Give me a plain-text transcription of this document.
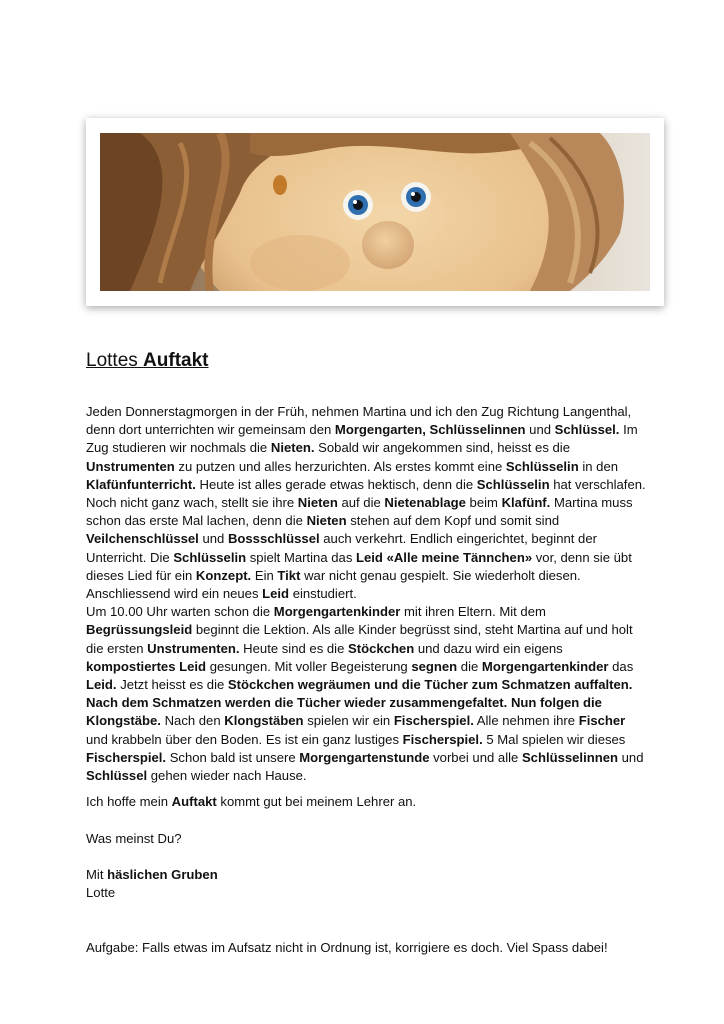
Lottes Auftakt

Jeden Donnerstagmorgen in der Früh, nehmen Martina und ich den Zug Richtung Langenthal, denn dort unterrichten wir gemeinsam den Morgengarten, Schlüsselinnen und Schlüssel. Im Zug studieren wir nochmals die Nieten. Sobald wir angekommen sind, heisst es die Unstrumenten zu putzen und alles herzurichten. Als erstes kommt eine Schlüsselin in den Klafünfunterricht. Heute ist alles gerade etwas hektisch, denn die Schlüsselin hat verschlafen. Noch nicht ganz wach, stellt sie ihre Nieten auf die Nietenablage beim Klafünf. Martina muss schon das erste Mal lachen, denn die Nieten stehen auf dem Kopf und somit sind Veilchenschlüssel und Bossschlüssel auch verkehrt. Endlich eingerichtet, beginnt der Unterricht. Die Schlüsselin spielt Martina das Leid «Alle meine Tännchen» vor, denn sie übt dieses Lied für ein Konzept. Ein Tikt war nicht genau gespielt. Sie wiederholt diesen. Anschliessend wird ein neues Leid einstudiert.

Um 10.00 Uhr warten schon die Morgengartenkinder mit ihren Eltern. Mit dem Begrüssungsleid beginnt die Lektion. Als alle Kinder begrüsst sind, steht Martina auf und holt die ersten Unstrumenten. Heute sind es die Stöckchen und dazu wird ein eigens kompostiertes Leid gesungen. Mit voller Begeisterung segnen die Morgengartenkinder das Leid. Jetzt heisst es die Stöckchen wegräumen und die Tücher zum Schmatzen auffalten. Nach dem Schmatzen werden die Tücher wieder zusammengefaltet. Nun folgen die Klongstäbe. Nach den Klongstäben spielen wir ein Fischerspiel. Alle nehmen ihre Fischer und krabbeln über den Boden. Es ist ein ganz lustiges Fischerspiel. 5 Mal spielen wir dieses Fischerspiel. Schon bald ist unsere Morgengartenstunde vorbei und alle Schlüsselinnen und Schlüssel gehen wieder nach Hause.

Ich hoffe mein Auftakt kommt gut bei meinem Lehrer an.

Was meinst Du?

Mit häslichen Gruben

Lotte

Aufgabe: Falls etwas im Aufsatz nicht in Ordnung ist, korrigiere es doch. Viel Spass dabei!
